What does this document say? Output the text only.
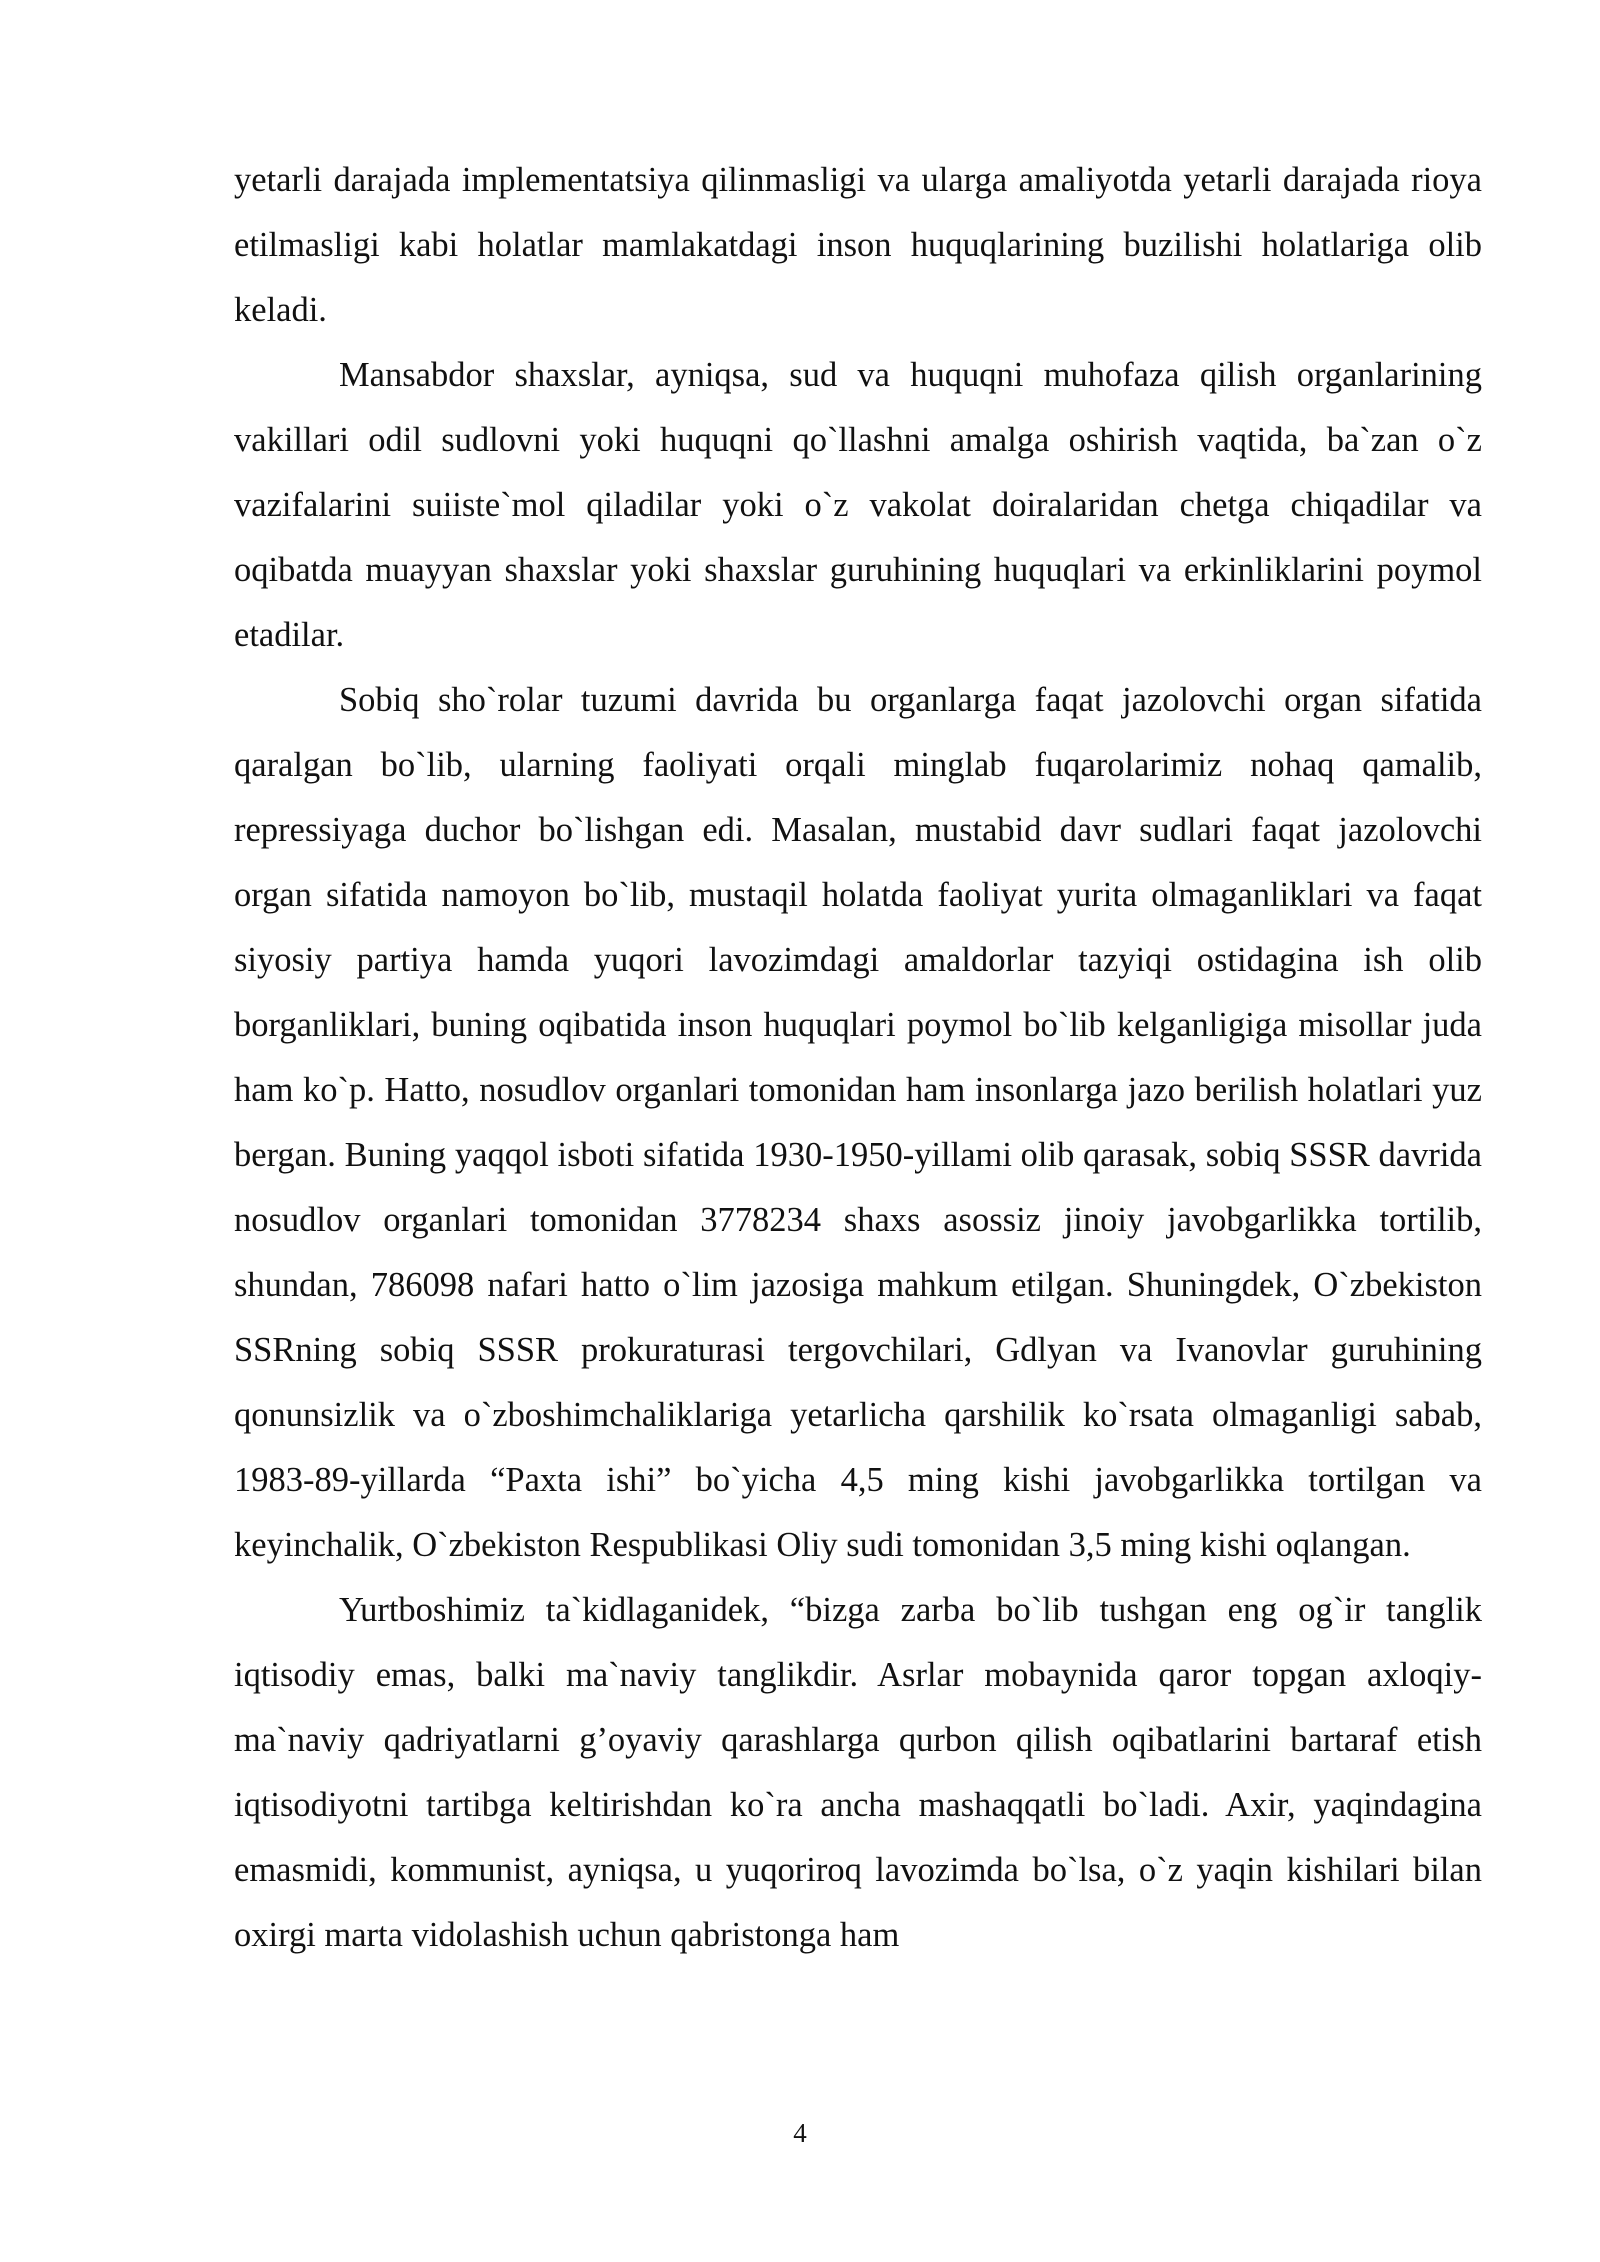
yetarli darajada implementatsiya qilinmasligi va ularga amaliyotda yetarli darajada rioya etilmasligi kabi holatlar mamlakatdagi inson huquqlarining buzilishi holatlariga olib keladi.

Mansabdor shaxslar, ayniqsa, sud va huquqni muhofaza qilish organlarining vakillari odil sudlovni yoki huquqni qo`llashni amalga oshirish vaqtida, ba`zan o`z vazifalarini suiiste`mol qiladilar yoki o`z vakolat doiralaridan chetga chiqadilar va oqibatda muayyan shaxslar yoki shaxslar guruhining huquqlari va erkinliklarini poymol etadilar.

Sobiq sho`rolar tuzumi davrida bu organlarga faqat jazolovchi organ sifatida qaralgan bo`lib, ularning faoliyati orqali minglab fuqarolarimiz nohaq qamalib, repressiyaga duchor bo`lishgan edi. Masalan, mustabid davr sudlari faqat jazolovchi organ sifatida namoyon bo`lib, mustaqil holatda faoliyat yurita olmaganliklari va faqat siyosiy partiya hamda yuqori lavozimdagi amaldorlar tazyiqi ostidagina ish olib borganliklari, buning oqibatida inson huquqlari poymol bo`lib kelganligiga misollar juda ham ko`p. Hatto, nosudlov organlari tomonidan ham insonlarga jazo berilish holatlari yuz bergan. Buning yaqqol isboti sifatida 1930-1950-yillami olib qarasak, sobiq SSSR davrida nosudlov organlari tomonidan 3778234 shaxs asossiz jinoiy javobgarlikka tortilib, shundan, 786098 nafari hatto o`lim jazosiga mahkum etilgan. Shuningdek, O`zbekiston SSRning sobiq SSSR prokuraturasi tergovchilari, Gdlyan va Ivanovlar guruhining qonunsizlik va o`zboshimchaliklariga yetarlicha qarshilik ko`rsata olmaganligi sabab, 1983-89-yillarda “Paxta ishi” bo`yicha 4,5 ming kishi javobgarlikka tortilgan va keyinchalik, O`zbekiston Respublikasi Oliy sudi tomonidan 3,5 ming kishi oqlangan.

Yurtboshimiz ta`kidlaganidek, “bizga zarba bo`lib tushgan eng og`ir tanglik iqtisodiy emas, balki ma`naviy tanglikdir. Asrlar mobaynida qaror topgan axloqiy-ma`naviy qadriyatlarni g’oyaviy qarashlarga qurbon qilish oqibatlarini bartaraf etish iqtisodiyotni tartibga keltirishdan ko`ra ancha mashaqqatli bo`ladi. Axir, yaqindagina emasmidi, kommunist, ayniqsa, u yuqoriroq lavozimda bo`lsa, o`z yaqin kishilari bilan oxirgi marta vidolashish uchun qabristonga ham

4
